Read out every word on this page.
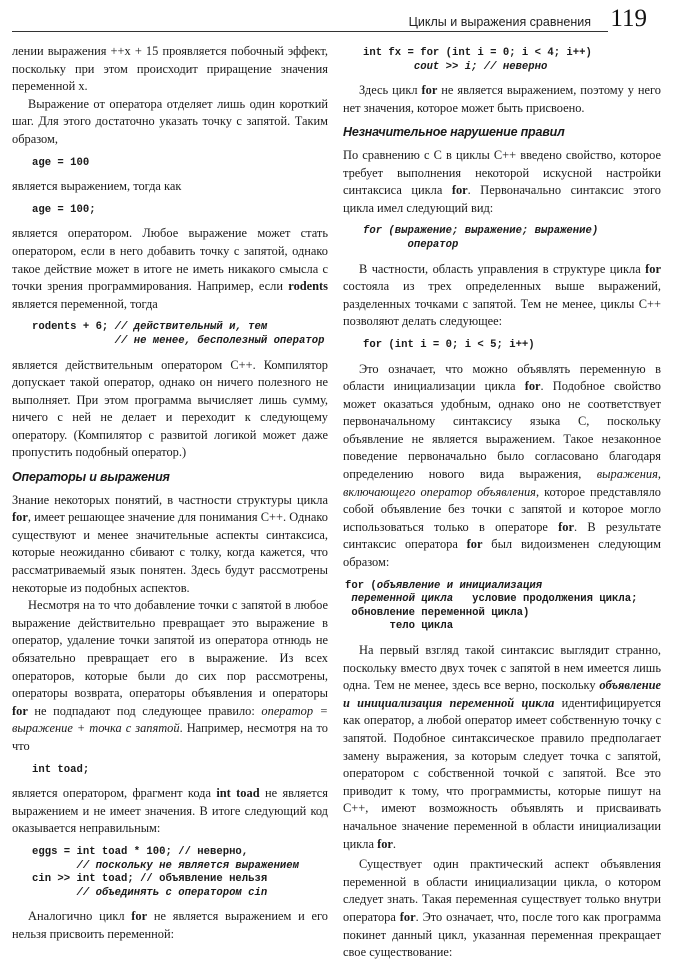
Циклы и выражения сравнения 119

лении выражения ++x + 15 проявляется побочный эффект, поскольку при этом происходит приращение значения переменной x.

Выражение от оператора отделяет лишь один короткий шаг. Для этого достаточно указать точку с запятой. Таким образом,

age = 100

является выражением, тогда как

age = 100;

является оператором. Любое выражение может стать оператором, если в него добавить точку с запятой, однако такое действие может в итоге не иметь никакого смысла с точки зрения программирования. Например, если rodents является переменной, тогда

rodents + 6; // действительный и, тем
// не менее, бесполезный оператор

является действительным оператором C++. Компилятор допускает такой оператор, однако он ничего полезного не выполняет. При этом программа вычисляет лишь сумму, ничего с ней не делает и переходит к следующему оператору. (Компилятор с развитой логикой может даже пропустить подобный оператор.)

Операторы и выражения

Знание некоторых понятий, в частности структуры цикла for, имеет решающее значение для понимания C++. Однако существуют и менее значительные аспекты синтаксиса, которые неожиданно сбивают с толку, когда кажется, что рассматриваемый язык понятен. Здесь будут рассмотрены некоторые из подобных аспектов.

Несмотря на то что добавление точки с запятой в любое выражение действительно превращает это выражение в оператор, удаление точки запятой из оператора отнюдь не обязательно превращает его в выражение. Из всех операторов, которые были до сих пор рассмотрены, операторы возврата, операторы объявления и операторы for не подпадают под следующее правило: оператор = выражение + точка с запятой. Например, несмотря на то что

int toad;

является оператором, фрагмент кода int toad не является выражением и не имеет значения. В итоге следующий код оказывается неправильным:

eggs = int toad * 100; // неверно,
// поскольку не является выражением
cin >> int toad; // объявление нельзя
// объединять с оператором cin

Аналогично цикл for не является выражением и его нельзя присвоить переменной:

int fx = for (int i = 0; i < 4; i++)
cout >> i; // неверно

Здесь цикл for не является выражением, поэтому у него нет значения, которое может быть присвоено.

Незначительное нарушение правил

По сравнению с C в циклы C++ введено свойство, которое требует выполнения некоторой искусной настройки синтаксиса цикла for. Первоначально синтаксис этого цикла имел следующий вид:

for (выражение; выражение; выражение)
оператор

В частности, область управления в структуре цикла for состояла из трех определенных выше выражений, разделенных точками с запятой. Тем не менее, циклы C++ позволяют делать следующее:

for (int i = 0; i < 5; i++)

Это означает, что можно объявлять переменную в области инициализации цикла for. Подобное свойство может оказаться удобным, однако оно не соответствует первоначальному синтаксису языка C, поскольку объявление не является выражением. Такое незаконное поведение первоначально было согласовано благодаря определению нового вида выражения, выражения, включающего оператор объявления, которое представляло собой объявление без точки с запятой и которое могло использоваться только в операторе for. В результате синтаксис оператора for был видоизменен следующим образом:

for (объявление и инициализация
переменной цикла   условие продолжения цикла;
обновление переменной цикла)
тело цикла

На первый взгляд такой синтаксис выглядит странно, поскольку вместо двух точек с запятой в нем имеется лишь одна. Тем не менее, здесь все верно, поскольку объявление и инициализация переменной цикла идентифицируется как оператор, а любой оператор имеет собственную точку с запятой. Подобное синтаксическое правило предполагает замену выражения, за которым следует точка с запятой, оператором с собственной точкой с запятой. Все это приводит к тому, что программисты, которые пишут на C++, имеют возможность объявлять и присваивать начальное значение переменной в области инициализации цикла for.

Существует один практический аспект объявления переменной в области инициализации цикла, о котором следует знать. Такая переменная существует только внутри оператора for. Это означает, что, после того как программа покинет данный цикл, указанная переменная прекращает свое существование:
